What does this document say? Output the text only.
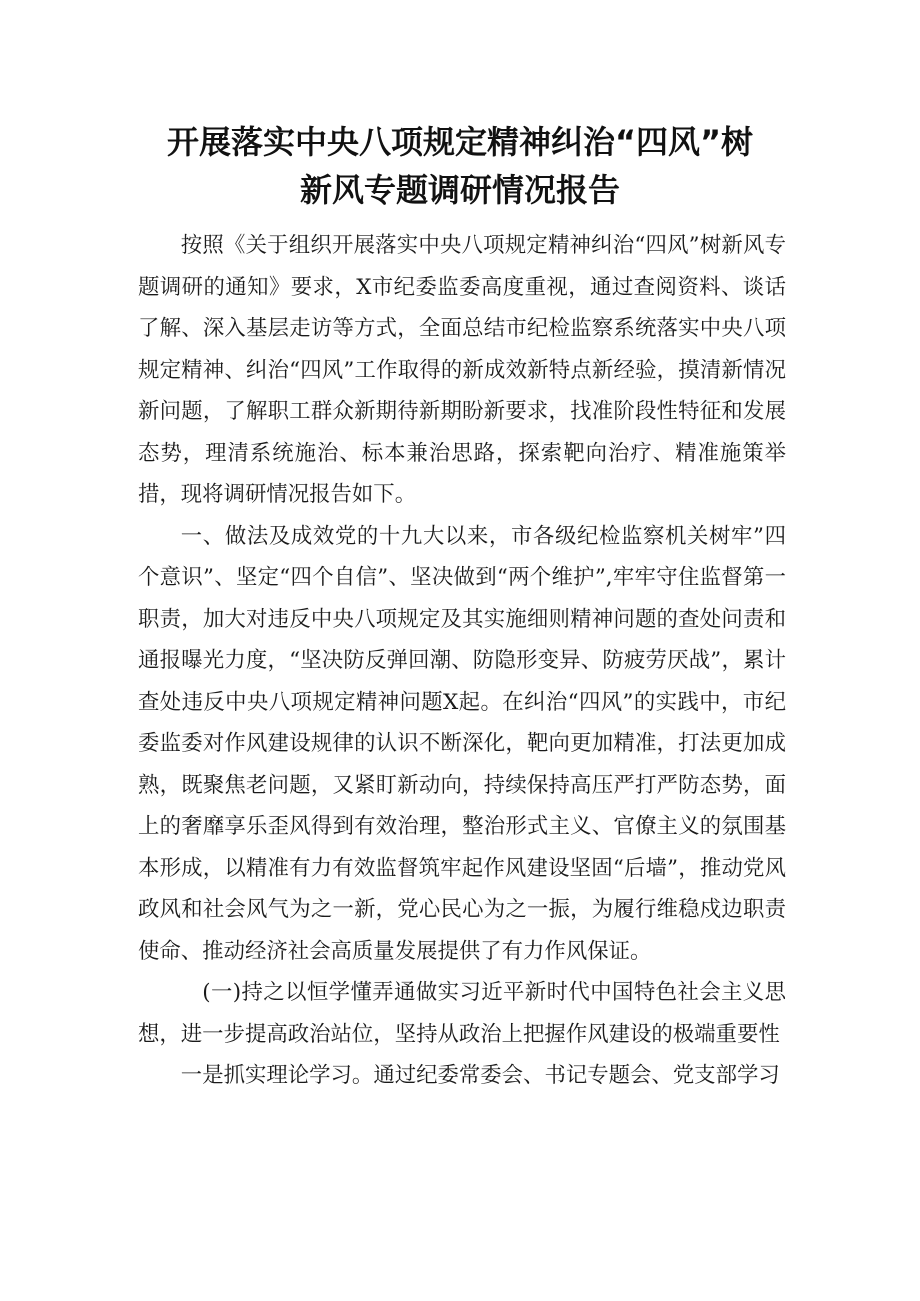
开展落实中央八项规定精神纠治“四风”树
新风专题调研情况报告

按照《关于组织开展落实中央八项规定精神纠治“四风”树新风专题调研的通知》要求，X市纪委监委高度重视，通过查阅资料、谈话了解、深入基层走访等方式，全面总结市纪检监察系统落实中央八项规定精神、纠治“四风”工作取得的新成效新特点新经验，摸清新情况新问题，了解职工群众新期待新期盼新要求，找准阶段性特征和发展态势，理清系统施治、标本兼治思路，探索靶向治疗、精准施策举措，现将调研情况报告如下。

一、做法及成效党的十九大以来，市各级纪检监察机关树牢”四个意识”、坚定“四个自信”、坚决做到“两个维护”,牢牢守住监督第一职责，加大对违反中央八项规定及其实施细则精神问题的查处问责和通报曝光力度，“坚决防反弹回潮、防隐形变异、防疲劳厌战”，累计查处违反中央八项规定精神问题X起。在纠治“四风”的实践中，市纪委监委对作风建设规律的认识不断深化，靶向更加精准，打法更加成熟，既聚焦老问题，又紧盯新动向，持续保持高压严打严防态势，面上的奢靡享乐歪风得到有效治理，整治形式主义、官僚主义的氛围基本形成，以精准有力有效监督筑牢起作风建设坚固“后墙”，推动党风政风和社会风气为之一新，党心民心为之一振，为履行维稳戍边职责使命、推动经济社会高质量发展提供了有力作风保证。

(一)持之以恒学懂弄通做实习近平新时代中国特色社会主义思想，进一步提高政治站位，坚持从政治上把握作风建设的极端重要性

一是抓实理论学习。通过纪委常委会、书记专题会、党支部学习
